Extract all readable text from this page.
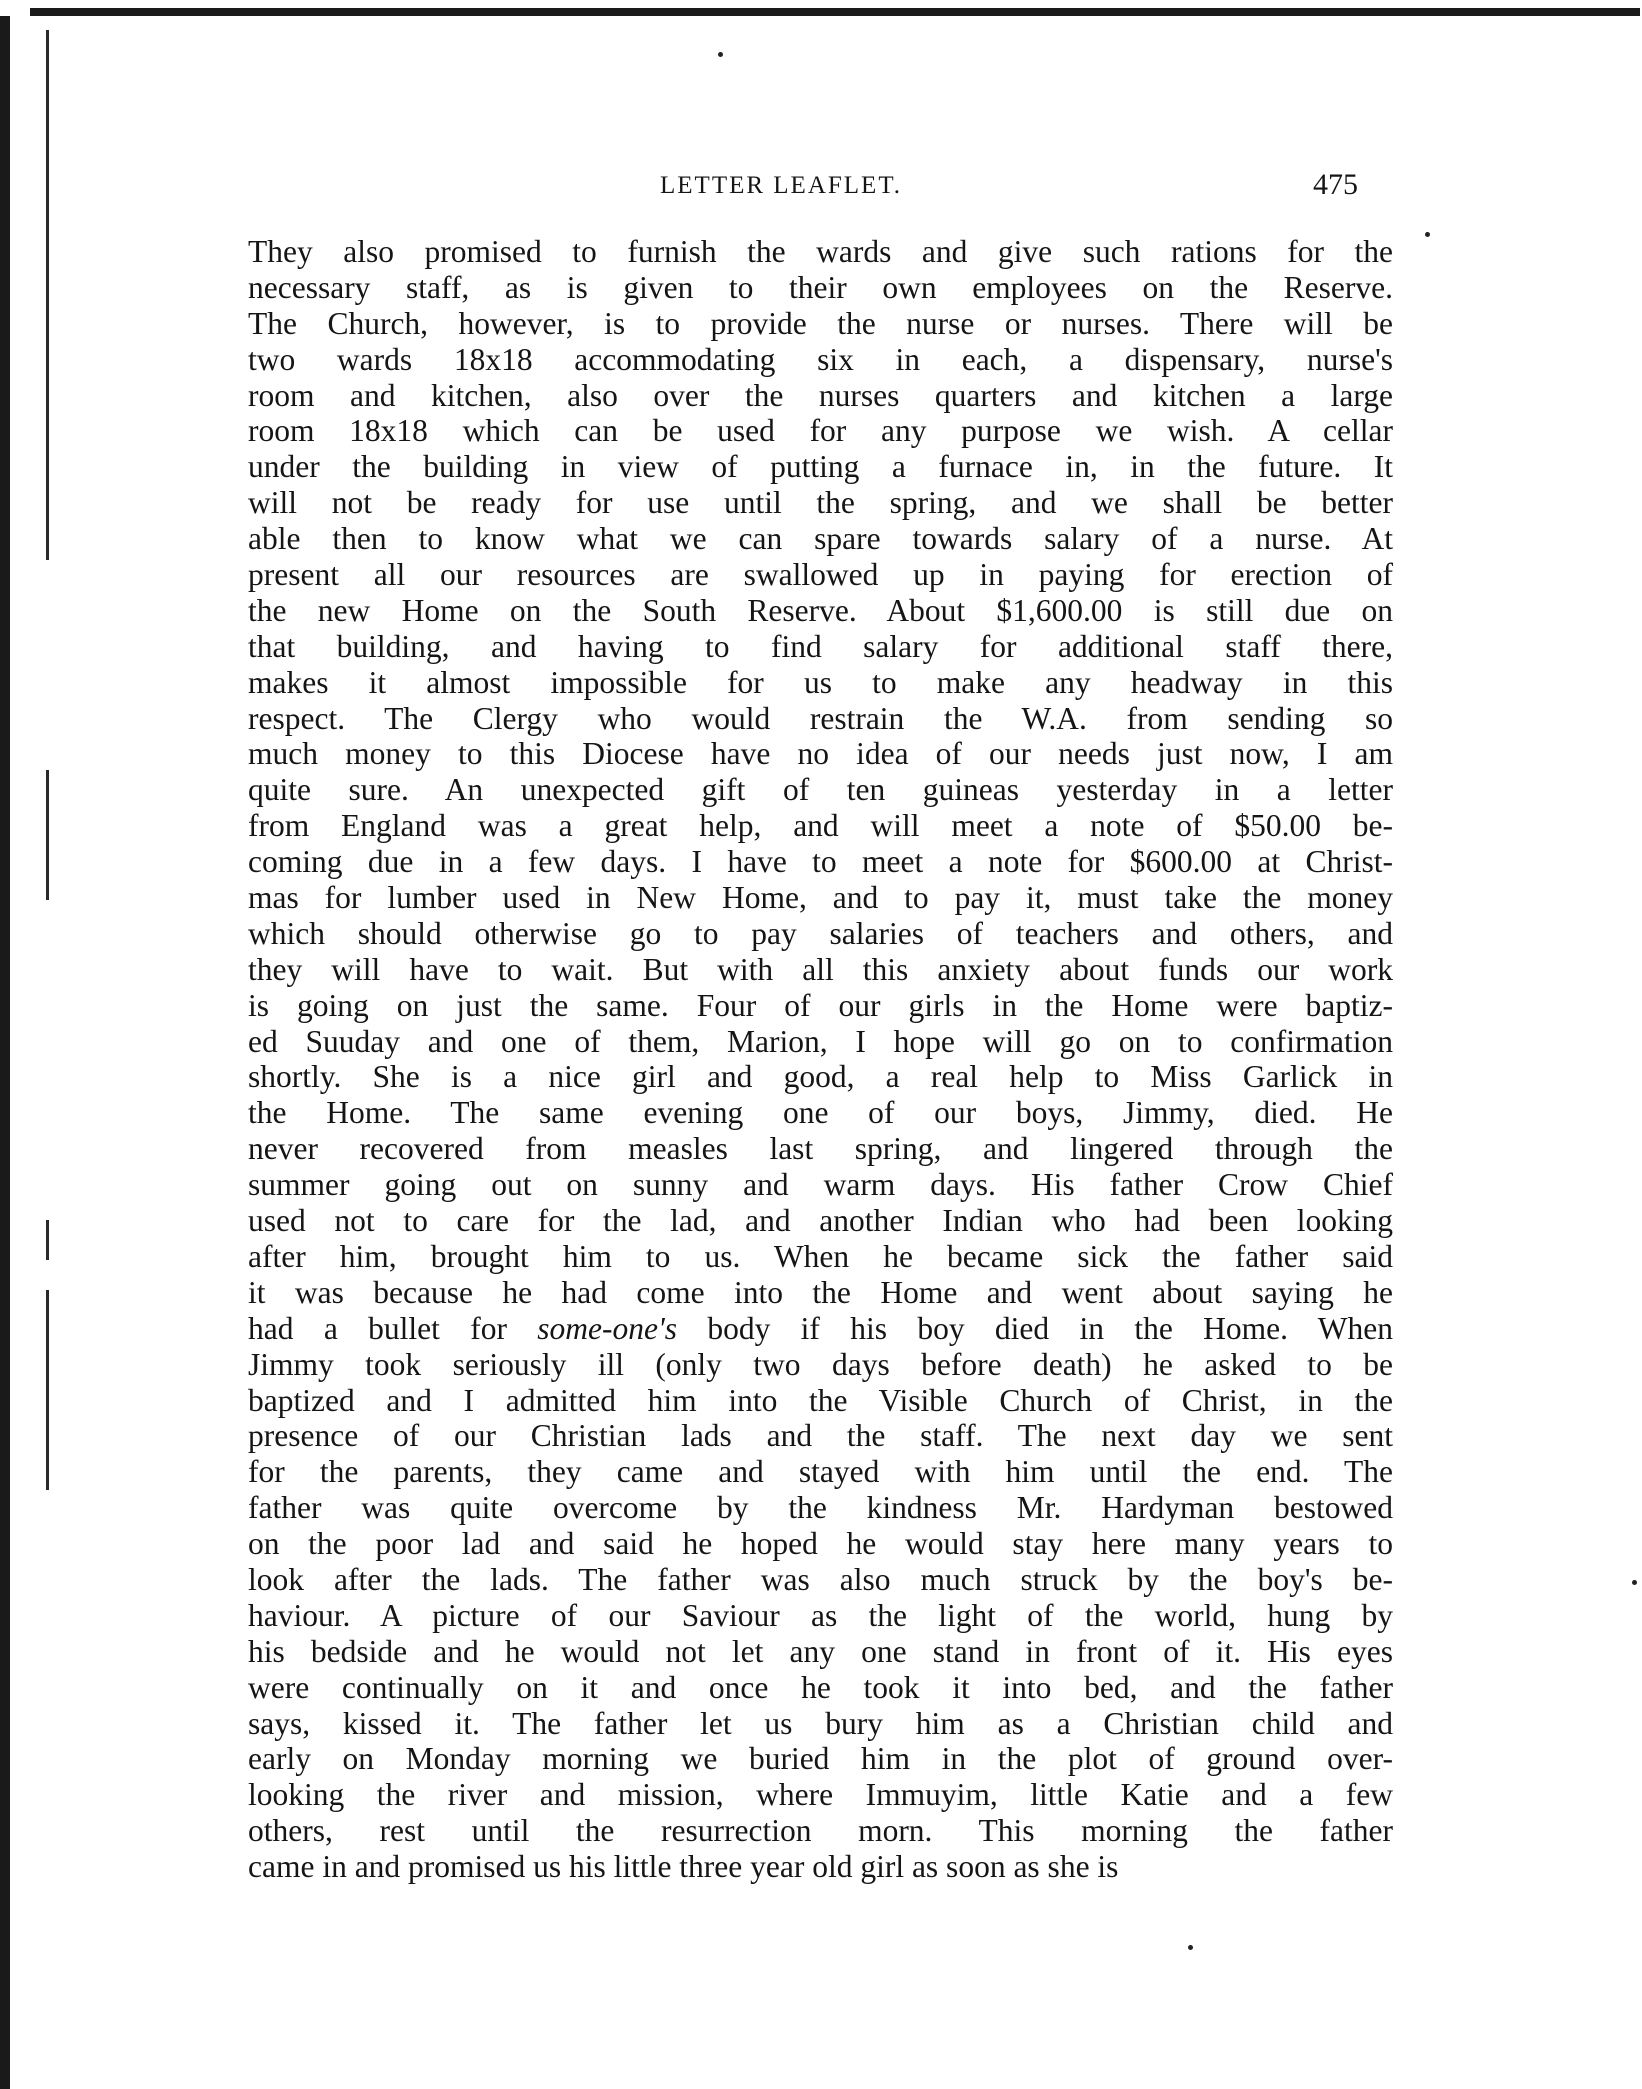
LETTER LEAFLET.	475
They also promised to furnish the wards and give such rations for the
necessary staff, as is given to their own employees on the Reserve.
The Church, however, is to provide the nurse or nurses. There will be
two wards 18x18 accommodating six in each, a dispensary, nurse's
room and kitchen, also over the nurses quarters and kitchen a large
room 18x18 which can be used for any purpose we wish. A cellar
under the building in view of putting a furnace in, in the future. It
will not be ready for use until the spring, and we shall be better
able then to know what we can spare towards salary of a nurse. At
present all our resources are swallowed up in paying for erection of
the new Home on the South Reserve. About $1,600.00 is still due on
that building, and having to find salary for additional staff there,
makes it almost impossible for us to make any headway in this
respect. The Clergy who would restrain the W.A. from sending so
much money to this Diocese have no idea of our needs just now, I am
quite sure. An unexpected gift of ten guineas yesterday in a letter
from England was a great help, and will meet a note of $50.00 be-
coming due in a few days. I have to meet a note for $600.00 at Christ-
mas for lumber used in New Home, and to pay it, must take the money
which should otherwise go to pay salaries of teachers and others, and
they will have to wait. But with all this anxiety about funds our work
is going on just the same. Four of our girls in the Home were baptiz-
ed Suuday and one of them, Marion, I hope will go on to confirmation
shortly. She is a nice girl and good, a real help to Miss Garlick in
the Home. The same evening one of our boys, Jimmy, died. He
never recovered from measles last spring, and lingered through the
summer going out on sunny and warm days. His father Crow Chief
used not to care for the lad, and another Indian who had been looking
after him, brought him to us. When he became sick the father said
it was because he had come into the Home and went about saying he
had a bullet for some-one's body if his boy died in the Home. When
Jimmy took seriously ill (only two days before death) he asked to be
baptized and I admitted him into the Visible Church of Christ, in the
presence of our Christian lads and the staff. The next day we sent
for the parents, they came and stayed with him until the end. The
father was quite overcome by the kindness Mr. Hardyman bestowed
on the poor lad and said he hoped he would stay here many years to
look after the lads. The father was also much struck by the boy's be-
haviour. A picture of our Saviour as the light of the world, hung by
his bedside and he would not let any one stand in front of it. His eyes
were continually on it and once he took it into bed, and the father
says, kissed it. The father let us bury him as a Christian child and
early on Monday morning we buried him in the plot of ground over-
looking the river and mission, where Immuyim, little Katie and a few
others, rest until the resurrection morn. This morning the father
came in and promised us his little three year old girl as soon as she is
